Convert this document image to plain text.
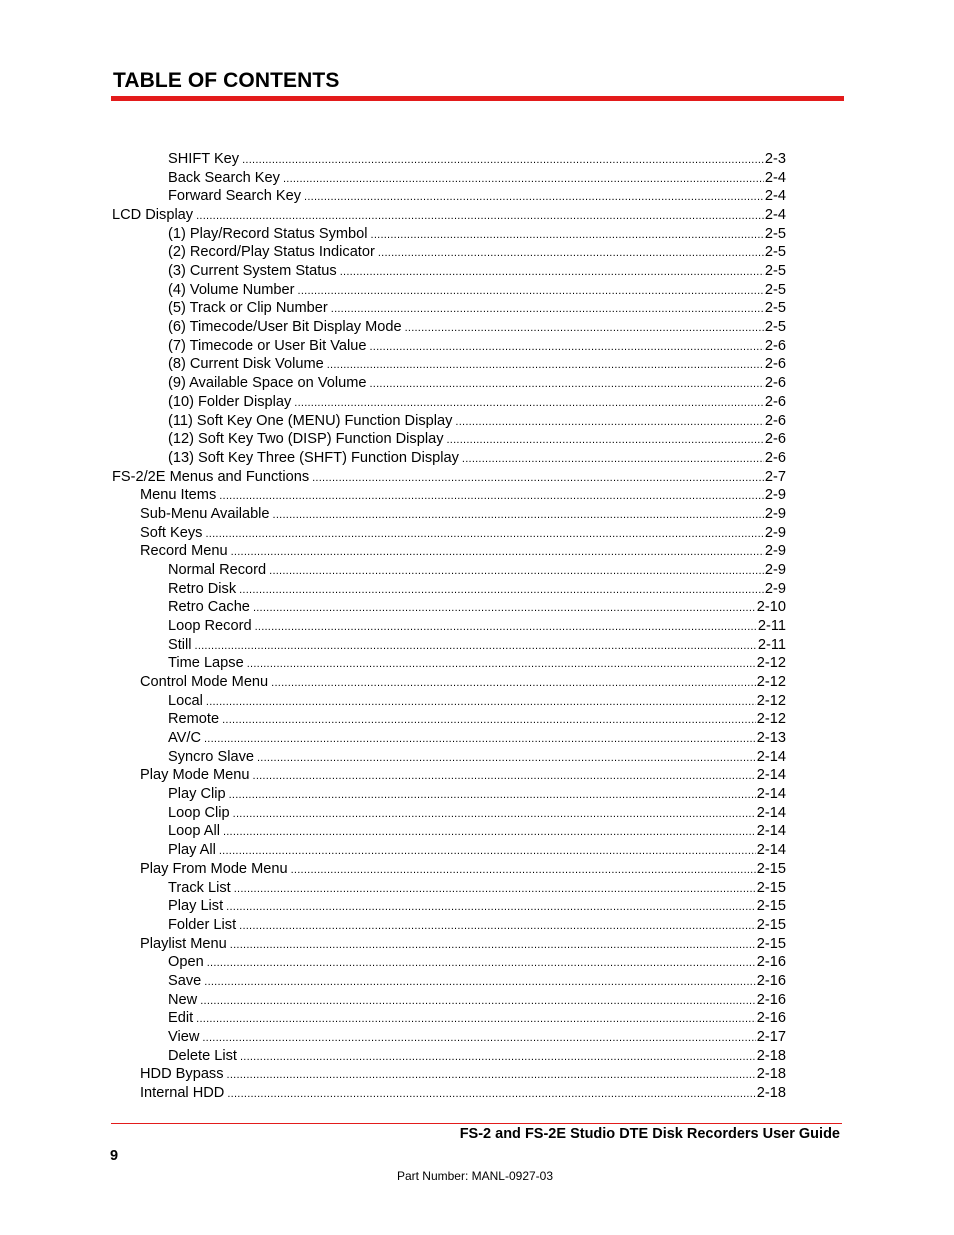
TABLE OF CONTENTS
SHIFT Key .....	2-3
Back Search Key .....	2-4
Forward Search Key .....	2-4
LCD Display .....	2-4
(1) Play/Record Status Symbol .....	2-5
(2) Record/Play Status Indicator .....	2-5
(3) Current System Status .....	2-5
(4) Volume Number .....	2-5
(5) Track or Clip Number .....	2-5
(6) Timecode/User Bit Display Mode .....	2-5
(7) Timecode or User Bit Value .....	2-6
(8) Current Disk Volume .....	2-6
(9) Available Space on Volume .....	2-6
(10) Folder Display .....	2-6
(11) Soft Key One (MENU) Function Display .....	2-6
(12) Soft Key Two (DISP) Function Display .....	2-6
(13) Soft Key Three (SHFT) Function Display .....	2-6
FS-2/2E Menus and Functions .....	2-7
Menu Items .....	2-9
Sub-Menu Available .....	2-9
Soft Keys .....	2-9
Record Menu .....	2-9
Normal Record .....	2-9
Retro Disk .....	2-9
Retro Cache .....	2-10
Loop Record .....	2-11
Still .....	2-11
Time Lapse .....	2-12
Control Mode Menu .....	2-12
Local .....	2-12
Remote .....	2-12
AV/C .....	2-13
Syncro Slave .....	2-14
Play Mode Menu .....	2-14
Play Clip .....	2-14
Loop Clip .....	2-14
Loop All .....	2-14
Play All .....	2-14
Play From Mode Menu .....	2-15
Track List .....	2-15
Play List .....	2-15
Folder List .....	2-15
Playlist Menu .....	2-15
Open .....	2-16
Save .....	2-16
New .....	2-16
Edit .....	2-16
View .....	2-17
Delete List .....	2-18
HDD Bypass .....	2-18
Internal HDD .....	2-18
FS-2 and FS-2E Studio DTE Disk Recorders User Guide
9
Part Number: MANL-0927-03
